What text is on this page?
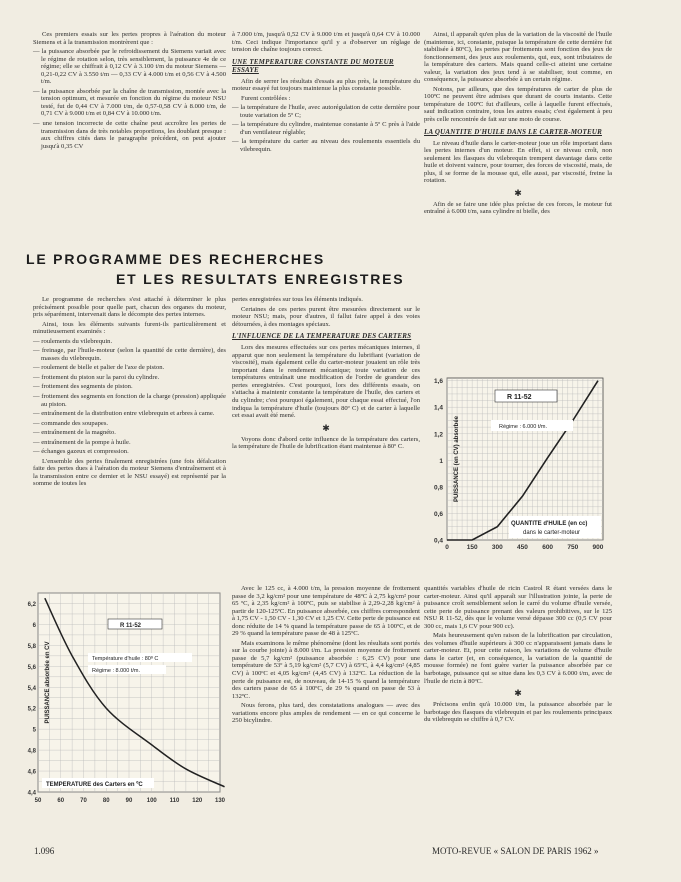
Ces premiers essais sur les pertes propres à l'aération du moteur Siemens et à la transmission montrèrent que :

— la puissance absorbée par le refroidissement du Siemens variait avec le régime de rotation selon, très sensiblement, la puissance 4e de ce régime; elle se chiffrait à 0,12 CV à 3.100 t/m du moteur Siemens — 0,21-0,22 CV à 3.550 t/m — 0,33 CV à 4.000 t/m et 0,56 CV à 4.500 t/m.

— la puissance absorbée par la chaîne de transmission, montée avec la tension optimum, et mesurée en fonction du régime du moteur NSU testé, fut de 0,44 CV à 7.000 t/m, de 0,57-0,58 CV à 8.000 t/m, de 0,71 CV à 9.000 t/m et 0,84 CV à 10.000 t/m.

— une tension incorrecte de cette chaîne peut accroître les pertes de transmission dans de très notables proportions, les doublant presque : aux chiffres cités dans le paragraphe précédent, on peut ajouter jusqu'à 0,35 CV

à 7.000 t/m, jusqu'à 0,52 CV à 9.000 t/m et jusqu'à 0,64 CV à 10.000 t/m. Ceci indique l'importance qu'il y a d'observer un réglage de tension de chaîne toujours correct.

UNE TEMPERATURE CONSTANTE DU MOTEUR ESSAYE

Afin de serrer les résultats d'essais au plus près, la température du moteur essayé fut toujours maintenue la plus constante possible.

Furent contrôlées :

— la température de l'huile, avec autorégulation de cette dernière pour toute variation de 5º C;

— la température du cylindre, maintenue constante à 5º C près à l'aide d'un ventilateur réglable;

— la température du carter au niveau des roulements essentiels du vilebrequin.

Ainsi, il apparaît qu'en plus de la variation de la viscosité de l'huile (maintenue, ici, constante, puisque la température de cette dernière fut stabilisée à 80ºC), les pertes par frottements sont fonction des jeux de fonctionnement, des jeux aux roulements, qui, eux, sont tributaires de la température des carters. Mais quand celle-ci atteint une certaine valeur, la variation des jeux tend à se stabiliser, tout comme, en conséquence, la puissance absorbée à un certain régime.

Notons, par ailleurs, que des températures de carter de plus de 100ºC ne peuvent être admises que durant de courts instants. Cette température de 100ºC fut d'ailleurs, celle à laquelle furent effectués, sauf indication contraire, tous les autres essais; c'est également à peu près celle rencontrée de fait sur une moto de course.

LA QUANTITE D'HUILE DANS LE CARTER-MOTEUR

Le niveau d'huile dans le carter-moteur joue un rôle important dans les pertes internes d'un moteur. En effet, si ce niveau croît, non seulement les flasques du vilebrequin trempent davantage dans cette huile et doivent vaincre, pour tourner, des forces de viscosité, mais, de plus, il se forme de la mousse qui, elle aussi, par viscosité, freine la rotation.

✱

Afin de se faire une idée plus précise de ces forces, le moteur fut entraîné à 6.000 t/m, sans cylindre ni bielle, des

LE PROGRAMME DES RECHERCHES
ET LES RESULTATS ENREGISTRES

Le programme de recherches s'est attaché à déterminer le plus précisément possible pour quelle part, chacun des organes du moteur, pris séparément, intervenait dans le décompte des pertes internes.

Ainsi, tous les éléments suivants furent-ils particulièrement et minutieusement examinés :

— roulements du vilebrequin.

— freinage, par l'huile-moteur (selon la quantité de cette dernière), des masses du vilebrequin.

— roulement de bielle et palier de l'axe de piston.

— frottement du piston sur la paroi du cylindre.

— frottement des segments de piston.

— frottement des segments en fonction de la charge (pression) appliquée au piston.

— entraînement de la distribution entre vilebrequin et arbres à came.

— commande des soupapes.

— entraînement de la magnéto.

— entraînement de la pompe à huile.

— échanges gazeux et compression.

L'ensemble des pertes finalement enregistrées (une fois défalcation faite des pertes dues à l'aération du moteur Siemens d'entraînement et à la transmission entre ce dernier et le NSU essayé) est représenté par la somme de toutes les

pertes enregistrées sur tous les éléments indiqués.

Certaines de ces pertes purent être mesurées directement sur le moteur NSU; mais, pour d'autres, il fallut faire appel à des voies détournées, à des montages spéciaux.

L'INFLUENCE DE LA TEMPERATURE DES CARTERS

Lors des mesures effectuées sur ces pertes mécaniques internes, il apparut que non seulement la température du lubrifiant (variation de viscosité), mais également celle du carter-moteur jouaient un rôle très important dans le rendement mécanique; toute variation de ces températures entraînait une modification de l'ordre de grandeur des pertes enregistrées. C'est pourquoi, lors des différents essais, on s'attacha à maintenir constante la température de l'huile, des carters et du cylindre; c'est pourquoi également, pour chaque essai effectué, l'on indiqua la température d'huile (toujours 80º C) et de carter à laquelle cet essai avait été mené.

✱

Voyons donc d'abord cette influence de la température des carters, la température de l'huile de lubrification étant maintenue à 80º C.

0,4
0,6
0,8
1
1,2
1,4
1,6
0	150 300 450 600 750 900
R 11-52
Régime : 6.000 t/m.
QUANTITE d'HUILE (en cc)
dans le carter-moteur
PUISSANCE (en CV) absorbée
4,4
4,6
4,8
5
5,2
5,4
5,6
5,8
6
6,2
50	60	70	80	90 100 110 120 130
R 11-52
Température d'huile : 80º C
Régime : 8.000 t/m.
TEMPERATURE des Carters en ºC
PUISSANCE absorbée en CV

Avec le 125 cc, à 4.000 t/m, la pression moyenne de frottement passe de 3,2 kg/cm² pour une température de 48ºC à 2,75 kg/cm² pour 65 ºC, à 2,35 kg/cm² à 100ºC, puis se stabilise à 2,29-2,28 kg/cm² à partir de 120-125ºC. En puissance absorbée, ces chiffres correspondent à 1,75 CV - 1,50 CV - 1,30 CV et 1,25 CV. Cette perte de puissance est donc réduite de 14 % quand la température passe de 65 à 100ºC, et de 29 % quand la température passe de 48 à 125ºC.

Mais examinons le même phénomène (dont les résultats sont portés sur la courbe jointe) à 8.000 t/m. La pression moyenne de frottement passe de 5,7 kg/cm² (puissance absorbée : 6,25 CV) pour une température de 53º à 5,19 kg/cm² (5,7 CV) à 65ºC, à 4,4 kg/cm² (4,85 CV) à 100ºC et 4,05 kg/cm² (4,45 CV) à 132ºC. La réduction de la perte de puissance est, de nouveau, de 14-15 % quand la température des carters passe de 65 à 100ºC, de 29 % quand on passe de 53 à 132ºC.

Nous ferons, plus tard, des constatations analogues — avec des variations encore plus amples de rendement — en ce qui concerne le 250 bicylindre.

quantités variables d'huile de ricin Castrol R étant versées dans le carter-moteur. Ainsi qu'il apparaît sur l'illustration jointe, la perte de puissance croît sensiblement selon le carré du volume d'huile versée, cette perte de puissance prenant des valeurs prohibitives, sur le 125 NSU R 11-52, dès que le volume versé dépasse 300 cc (0,5 CV pour 300 cc, mais 1,6 CV pour 900 cc).

Mais heureusement qu'en raison de la lubrification par circulation, des volumes d'huile supérieurs à 300 cc n'apparaissent jamais dans le carter-moteur. Et, pour cette raison, les variations de volume d'huile dans le carter (et, en conséquence, la variation de la quantité de mousse formée) ne font guère varier la puissance absorbée par ce barbotage, puissance qui se situe dans les 0,3 CV à 6.000 t/m, avec de l'huile de ricin à 80ºC.

✱

Précisons enfin qu'à 10.000 t/m, la puissance absorbée par le barbotage des flasques du vilebrequin et par les roulements principaux du vilebrequin se chiffre à 0,7 CV.

1.096	MOTO-REVUE « SALON DE PARIS 1962 »
